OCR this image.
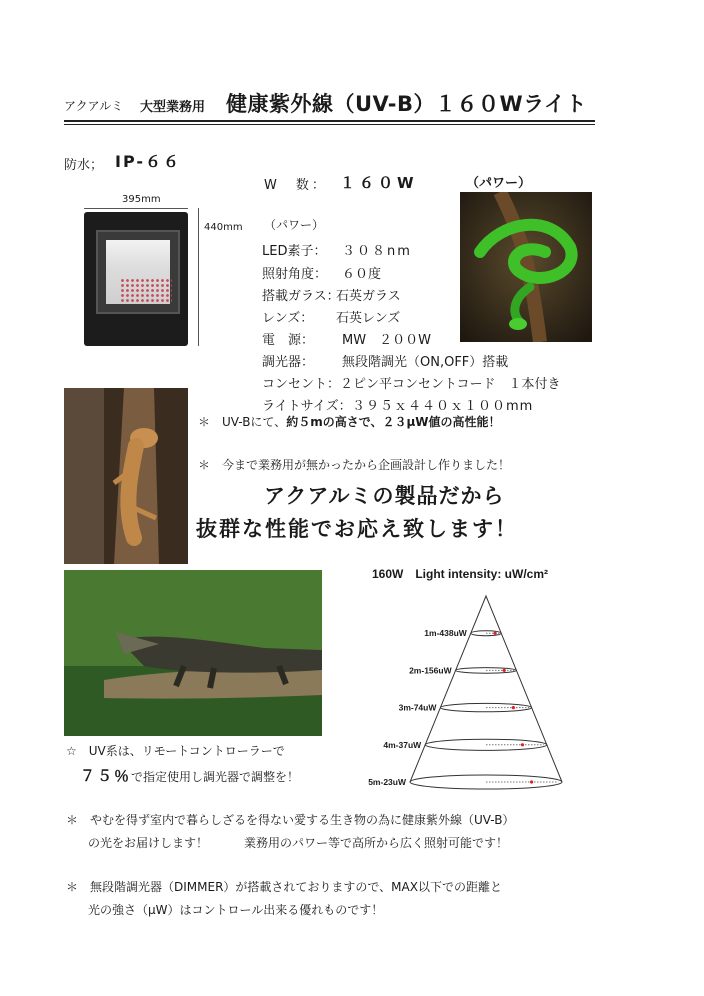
アクアルミ 大型業務用 健康紫外線（UV-B）１６０Wライト
防水； IP-６６
395mm
440mm
W　数： １６０W	（パワー）
（パワー）
LED素子： ３０８nm
照射角度： ６０度
搭載ガラス：
石英ガラス
レンズ： 石英レンズ
電　源： MW　２００W
調光器： 無段階調光（ON,OFF）搭載
コンセント： ２ピン平コンセントコード　１本付き
ライトサイズ： ３９５ｘ４４０ｘ１００mm
＊　UV-Bにて、約５mの高さで、２３μW値の高性能！
＊　今まで業務用が無かったから企画設計し作りました！
アクアルミの製品だから
抜群な性能でお応え致します！
☆　UV系は、リモートコントローラーで
７５％で指定使用し調光器で調整を！
160W　Light intensity: uW/cm²
1m-438uW
2m-156uW
3m-74uW
4m-37uW
5m-23uW
＊　やむを得ず室内で暮らしざるを得ない愛する生き物の為に健康紫外線（UV-B）
の光をお届けします！　　　業務用のパワー等で高所から広く照射可能です！
＊　無段階調光器（DIMMER）が搭載されておりますので、MAX以下での距離と
光の強さ（μW）はコントロール出来る優れものです！
